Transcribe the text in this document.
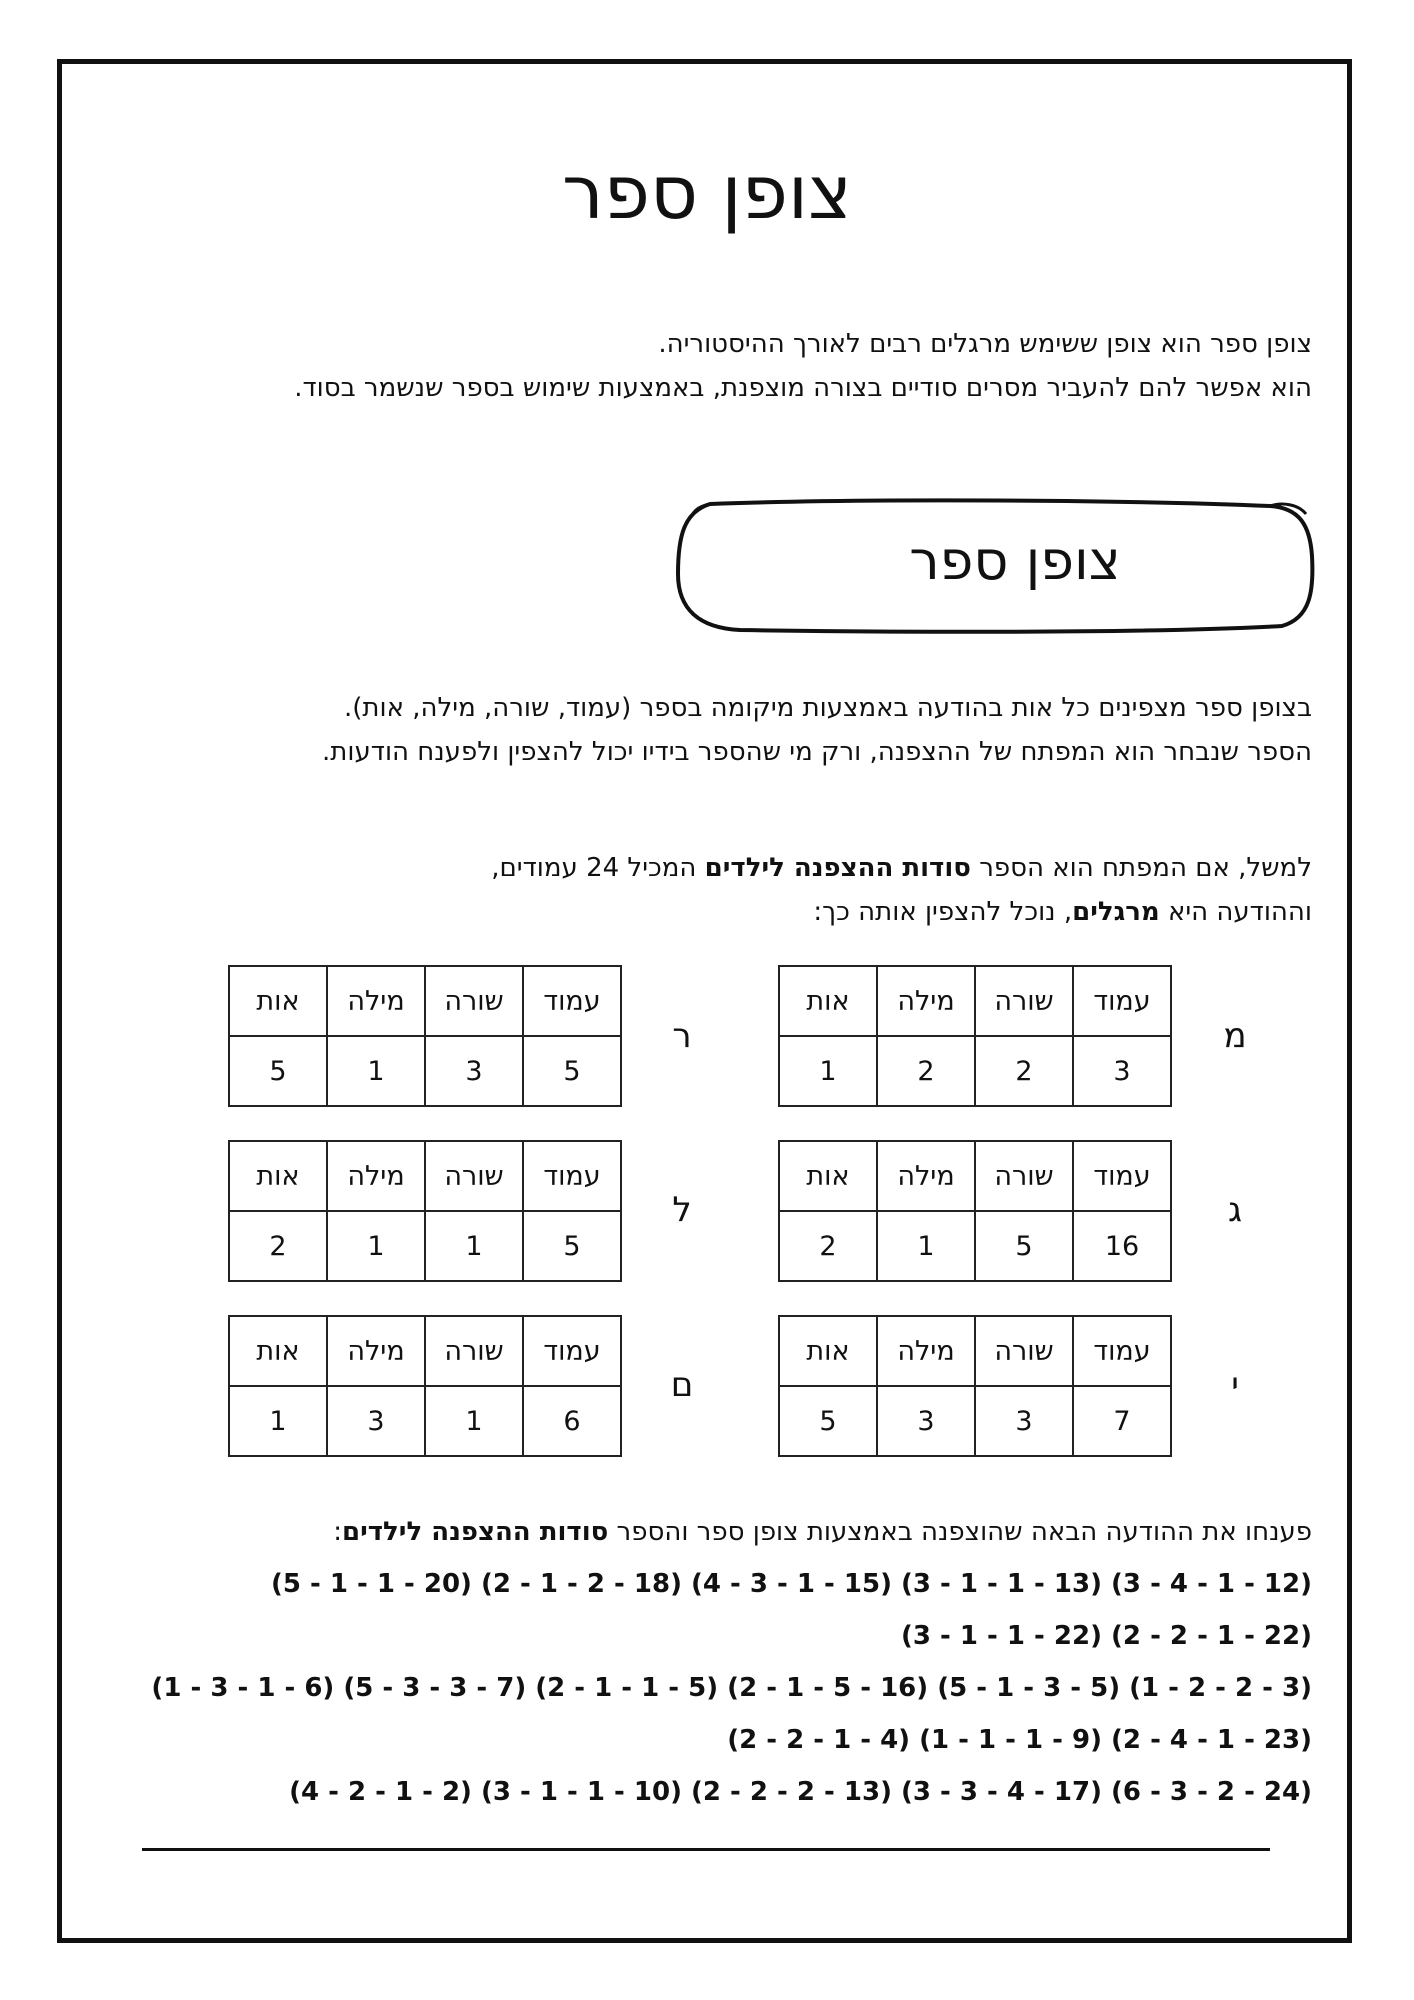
צופן ספר

צופן ספר הוא צופן ששימש מרגלים רבים לאורך ההיסטוריה.

הוא אפשר להם להעביר מסרים סודיים בצורה מוצפנת, באמצעות שימוש בספר שנשמר בסוד.

צופן ספר

בצופן ספר מצפינים כל אות בהודעה באמצעות מיקומה בספר (עמוד, שורה, מילה, אות).

הספר שנבחר הוא המפתח של ההצפנה, ורק מי שהספר בידיו יכול להצפין ולפענח הודעות.

למשל, אם המפתח הוא הספר סודות ההצפנה לילדים המכיל 24 עמודים,

וההודעה היא מרגלים, נוכל להצפין אותה כך:

מ
עמוד	שורה	מילה	אות
3	2	2	1
ג
עמוד	שורה	מילה	אות
16	5	1	2
י
עמוד	שורה	מילה	אות
7	3	3	5
ר
עמוד	שורה	מילה	אות
5	3	1	5
ל
עמוד	שורה	מילה	אות
5	1	1	2
ם
עמוד	שורה	מילה	אות
6	1	3	1

פענחו את ההודעה הבאה שהוצפנה באמצעות צופן ספר והספר סודות ההצפנה לילדים:

(12 - 1 - 4 - 3) (13 - 1 - 1 - 3) (15 - 1 - 3 - 4) (18 - 2 - 1 - 2) (20 - 1 - 1 - 5)

(22 - 1 - 2 - 2) (22 - 1 - 1 - 3)

(3 - 2 - 2 - 1) (5 - 3 - 1 - 5) (16 - 5 - 1 - 2) (5 - 1 - 1 - 2) (7 - 3 - 3 - 5) (6 - 1 - 3 - 1)

(23 - 1 - 4 - 2) (9 - 1 - 1 - 1) (4 - 1 - 2 - 2)

(24 - 2 - 3 - 6) (17 - 4 - 3 - 3) (13 - 2 - 2 - 2) (10 - 1 - 1 - 3) (2 - 1 - 2 - 4)
